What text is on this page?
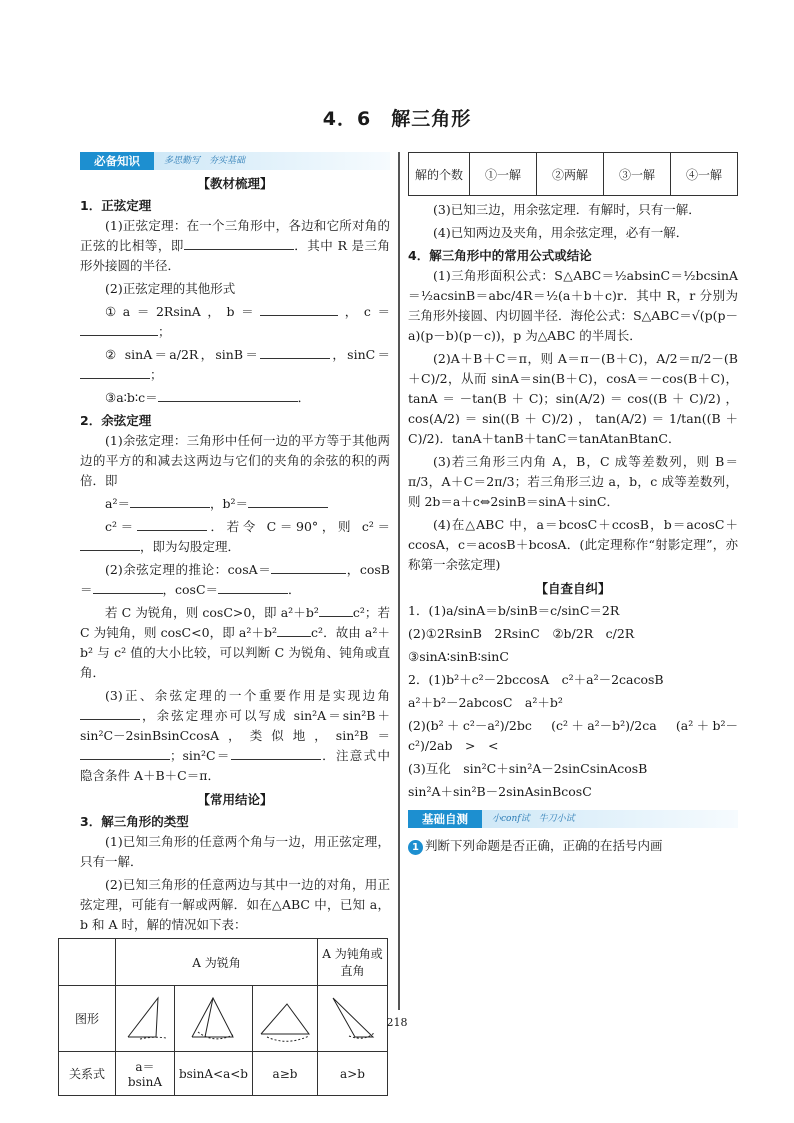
4．6　解三角形
必备知识	多思勤写　夯实基础
【教材梳理】
1．正弦定理

(1)正弦定理：在一个三角形中，各边和它所对角的正弦的比相等，即	．其中 R 是三角形外接圆的半径．

(2)正弦定理的其他形式

①a＝2RsinA，b＝	，c＝；

② sinA＝a/2R，sinB＝	，sinC＝；

③a∶b∶c＝	．

2．余弦定理

(1)余弦定理：三角形中任何一边的平方等于其他两边的平方的和减去这两边与它们的夹角的余弦的积的两倍．即

a²＝	，b²＝

c²＝	．若令 C＝90°，则 c²＝，即为勾股定理．

(2)余弦定理的推论：cosA＝	，cosB＝	，cosC＝	．

若 C 为锐角，则 cosC>0，即 a²＋b²	c²；若 C 为钝角，则 cosC<0，即 a²＋b²	c²．故由 a²＋b² 与 c² 值的大小比较，可以判断 C 为锐角、钝角或直角．

(3)正、余弦定理的一个重要作用是实现边角，余弦定理亦可以写成 sin²A＝sin²B＋sin²C－2sinBsinCcosA，类似地，sin²B＝；sin²C＝	．注意式中隐含条件 A＋B＋C＝π．

【常用结论】
3．解三角形的类型

(1)已知三角形的任意两个角与一边，用正弦定理，只有一解．

(2)已知三角形的任意两边与其中一边的对角，用正弦定理，可能有一解或两解．如在△ABC 中，已知 a，b 和 A 时，解的情况如下表：

	A 为锐角			A 为钝角或直角
图形				
关系式	a＝bsinA	bsinA<a<b	a≥b	a>b
解的个数	①一解	②两解	③一解	④一解

(3)已知三边，用余弦定理．有解时，只有一解．

(4)已知两边及夹角，用余弦定理，必有一解．

4．解三角形中的常用公式或结论

(1)三角形面积公式：S△ABC＝½absinC＝½bcsinA＝½acsinB＝abc/4R＝½(a＋b＋c)r．其中 R，r 分别为三角形外接圆、内切圆半径．海伦公式：S△ABC＝√(p(p－a)(p－b)(p－c))，p 为△ABC 的半周长．

(2)A＋B＋C＝π，则 A＝π－(B＋C)，A/2＝π/2－(B＋C)/2，从而 sinA＝sin(B＋C)，cosA＝－cos(B＋C)，tanA＝－tan(B＋C)；sin(A/2)＝cos((B＋C)/2)，cos(A/2)＝sin((B＋C)/2)，tan(A/2)＝1/tan((B＋C)/2)．tanA＋tanB＋tanC＝tanAtanBtanC．

(3)若三角形三内角 A，B，C 成等差数列，则 B＝π/3，A＋C＝2π/3；若三角形三边 a，b，c 成等差数列，则 2b＝a＋c⇔2sinB＝sinA＋sinC．

(4)在△ABC 中，a＝bcosC＋ccosB，b＝acosC＋ccosA，c＝acosB＋bcosA．(此定理称作“射影定理”，亦称第一余弦定理)

【自查自纠】

1．(1)a/sinA＝b/sinB＝c/sinC＝2R

(2)①2RsinB　2RsinC　②b/2R　c/2R

③sinA∶sinB∶sinC

2．(1)b²＋c²－2bccosA　c²＋a²－2cacosB

a²＋b²－2abcosC　a²＋b²

(2)(b²＋c²－a²)/2bc　(c²＋a²－b²)/2ca　(a²＋b²－c²)/2ab　>　<

(3)互化　sin²C＋sin²A－2sinCsinAcosB

sin²A＋sin²B－2sinAsinBcosC

基础自测	小conf试　牛刀小试

1 判断下列命题是否正确，正确的在括号内画

218
